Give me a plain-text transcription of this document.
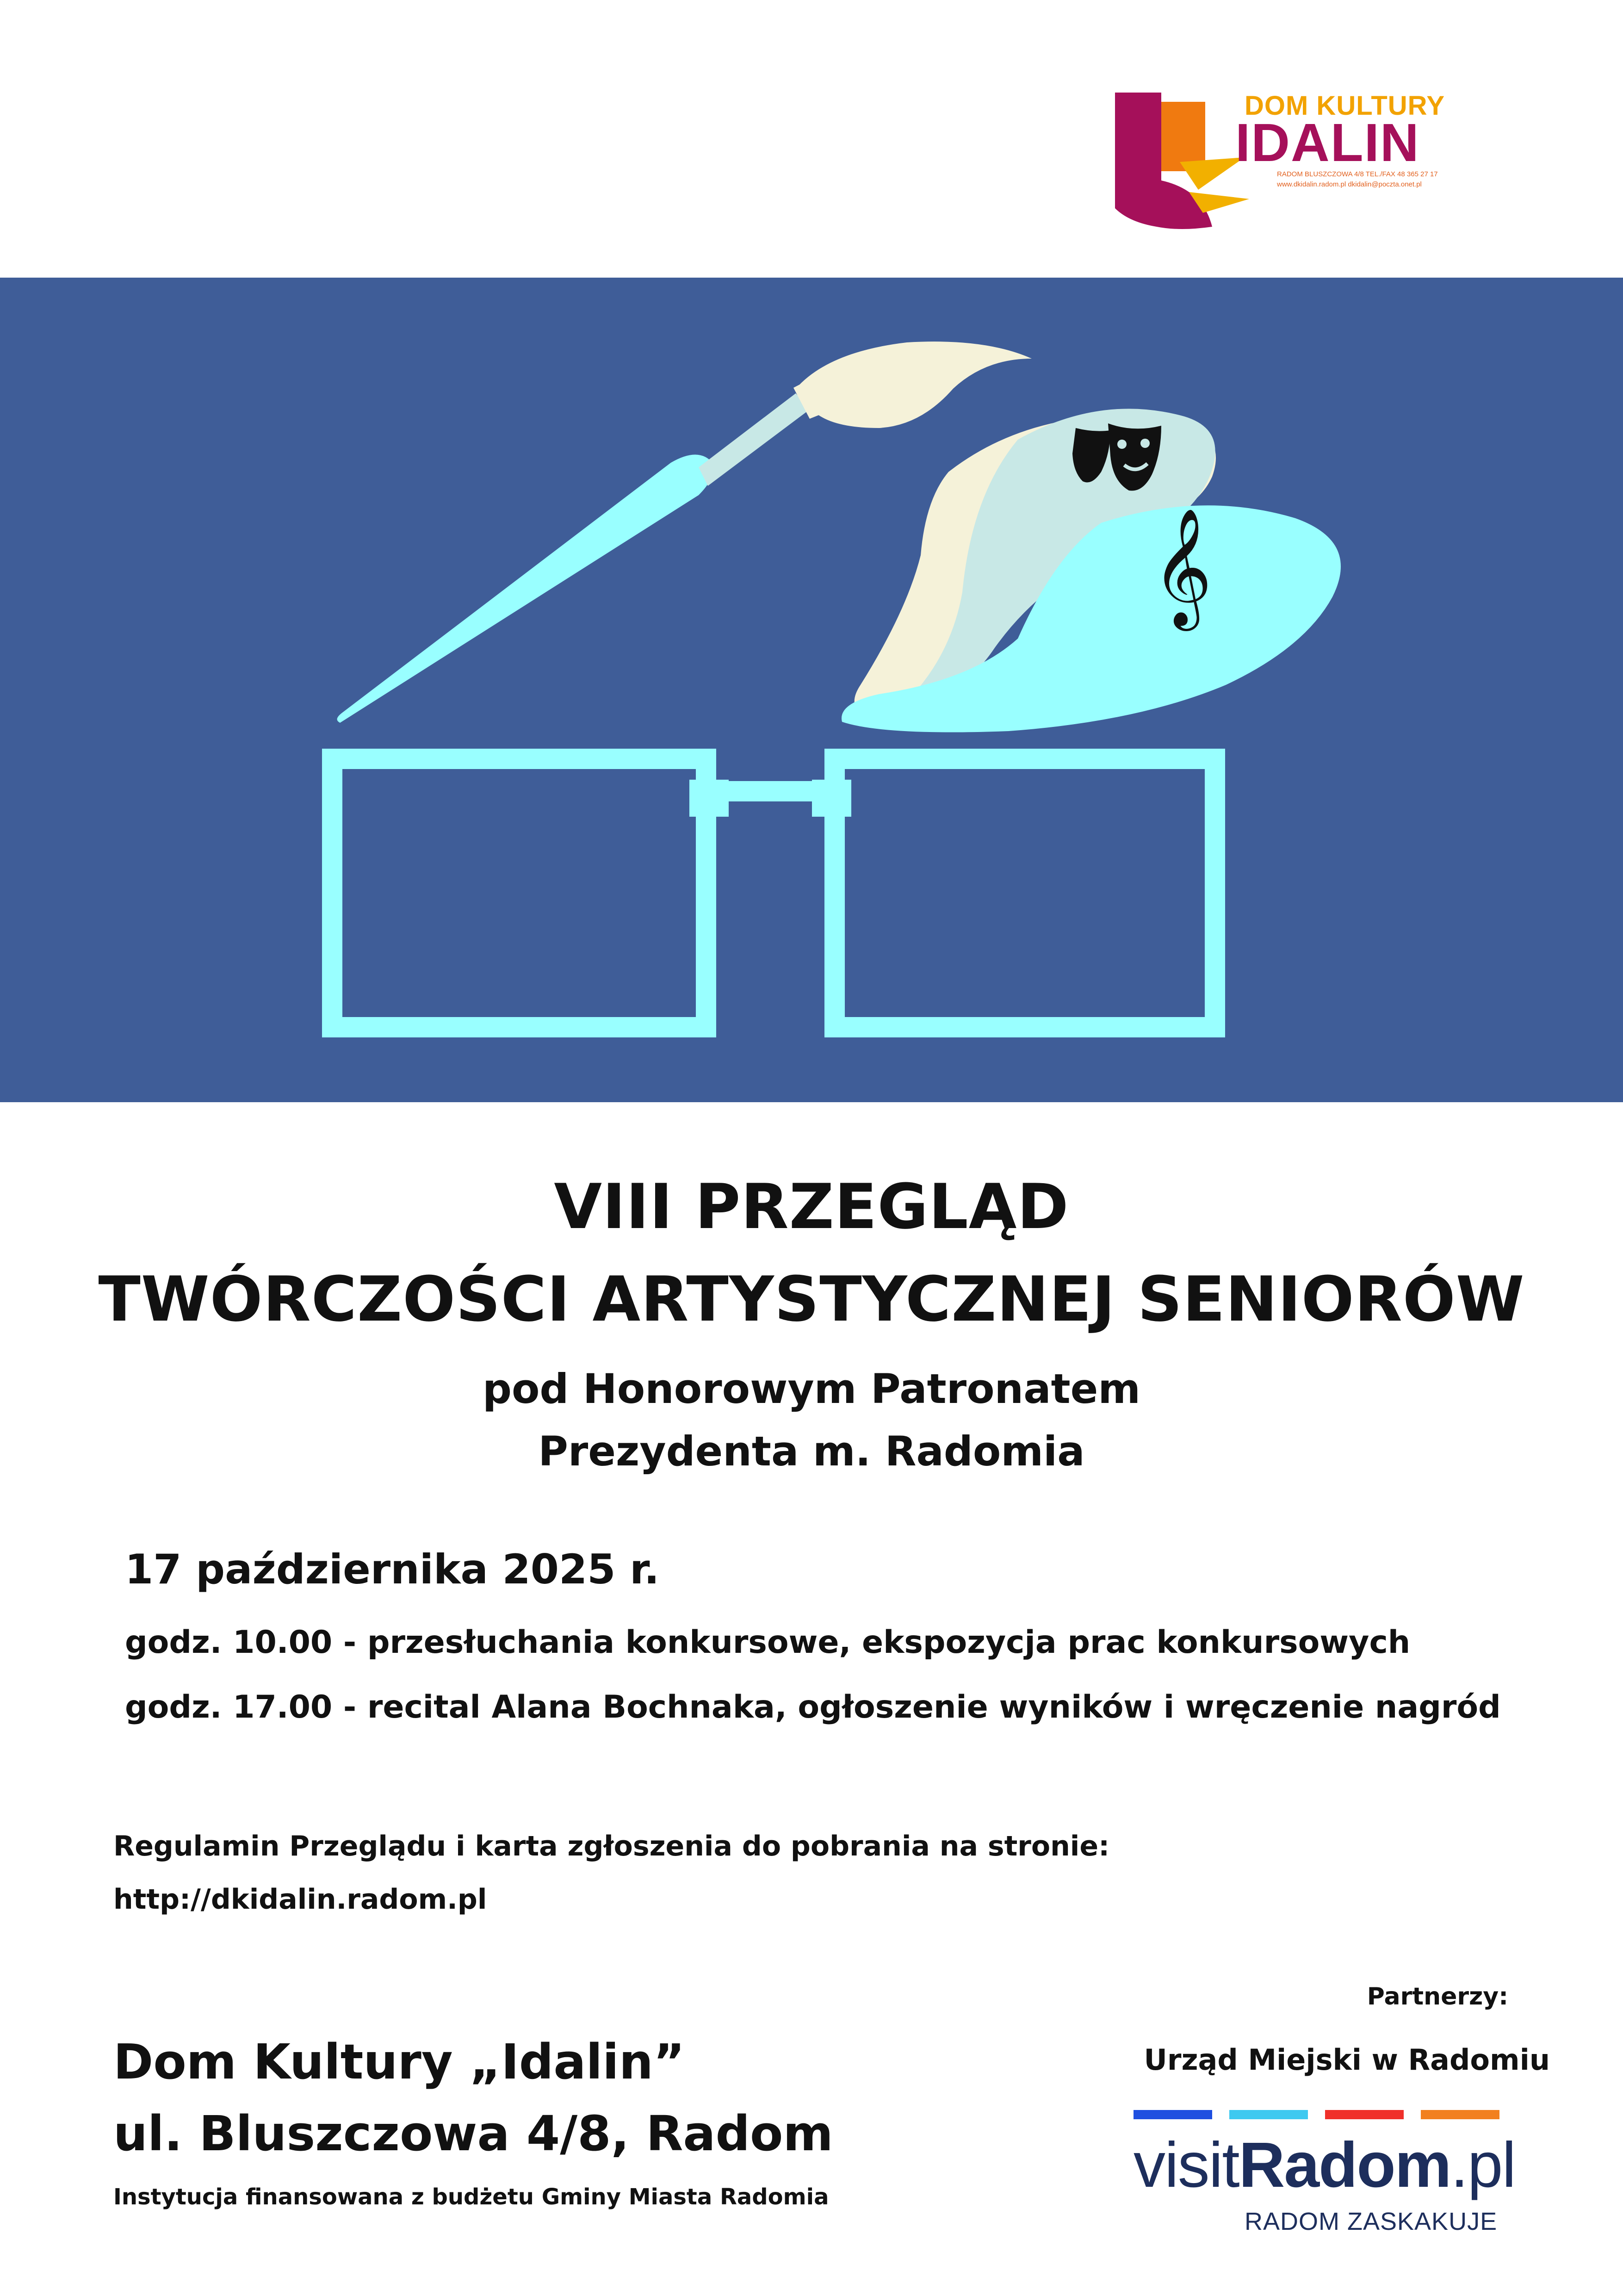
DOM KULTURY
IDALIN
RADOM BLUSZCZOWA 4/8 TEL./FAX 48 365 27 17
www.dkidalin.radom.pl dkidalin@poczta.onet.pl
𝄞
VIII PRZEGLĄD
TWÓRCZOŚCI ARTYSTYCZNEJ SENIORÓW
pod Honorowym Patronatem
Prezydenta m. Radomia
17 października 2025 r.
godz. 10.00 - przesłuchania konkursowe, ekspozycja prac konkursowych
godz. 17.00 - recital Alana Bochnaka, ogłoszenie wyników i wręczenie nagród
Regulamin Przeglądu i karta zgłoszenia do pobrania na stronie:
http://dkidalin.radom.pl
Dom Kultury „Idalin”
ul. Bluszczowa 4/8, Radom
Instytucja finansowana z budżetu Gminy Miasta Radomia
Partnerzy:
Urząd Miejski w Radomiu
visitRadom.pl
RADOM ZASKAKUJE
